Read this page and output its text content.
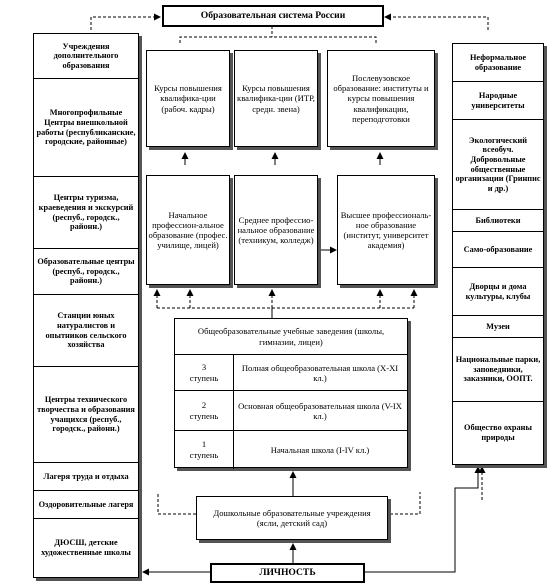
Образовательная система России
Курсы повышения квалифика-ции (рабоч. кадры)
Курсы повышения квалифика-ции (ИТР, средн. звена)
Послевузовское образование: институты и курсы повышения квалификации, переподготовки
Начальное профессион-альное образование (профес. училище, лицей)
Среднее профессио-нальное образование (техникум, колледж)
Высшее профессиональ-ное образование (институт, университет академия)
Общеобразовательные учебные заведения (школы, гимназии, лицеи)
3
ступень
Полная общеобразовательная школа (X-XI кл.)
2
ступень
Основная общеобразовательная школа (V-IX кл.)
1
ступень
Начальная школа (I-IV кл.)
Дошкольные образовательные учреждения (ясли, детский сад)
ЛИЧНОСТЬ
Учреждения дополнительного образования
Многопрофильные Центры внешкольной работы (республиканские, городские, районные)
Центры туризма, краеведения и экскурсий (респуб., городск., районн.)
Образовательные центры (респуб., городск., районн.)
Станции юных натуралистов и опытников сельского хозяйства
Центры технического творчества и образования учащихся (респуб., городск., районн.)
Лагеря труда и отдыха
Оздоровительные лагеря
ДЮСШ, детские художественные школы
Неформальное образование
Народные университеты
Экологический всеобуч. Добровольные общественные организации (Гринпис и др.)
Библиотеки
Само-образование
Дворцы и дома культуры, клубы
Музеи
Национальные парки, заповедники, заказники, ООПТ.
Общество охраны природы
